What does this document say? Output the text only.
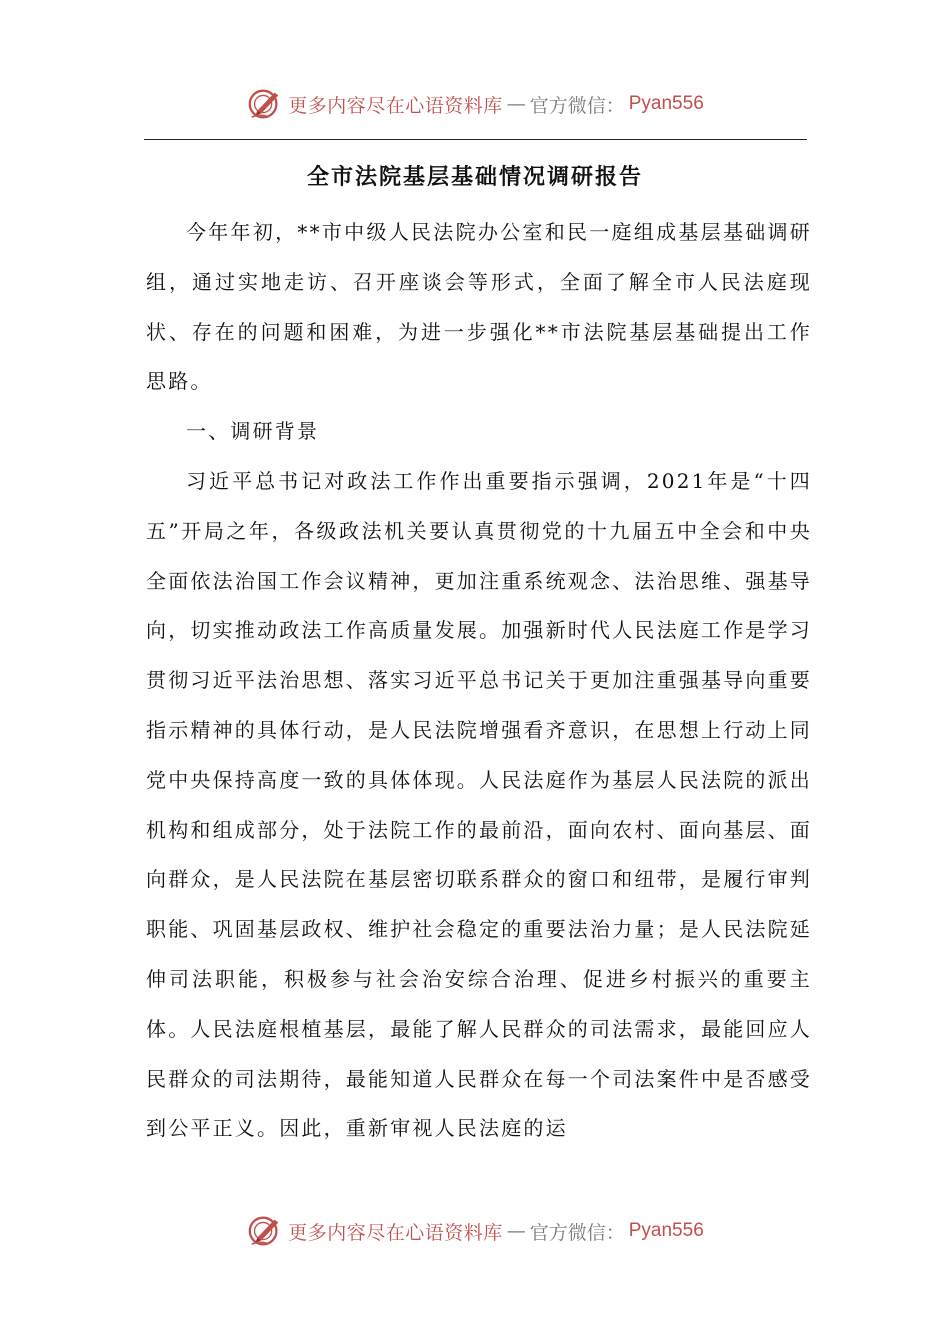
更多内容尽在心语资料库 — 官方微信： Pyan556
全市法院基层基础情况调研报告

今年年初，**市中级人民法院办公室和民一庭组成基层基础调研组，通过实地走访、召开座谈会等形式，全面了解全市人民法庭现状、存在的问题和困难，为进一步强化**市法院基层基础提出工作思路。

一、调研背景

习近平总书记对政法工作作出重要指示强调，2021年是“十四五”开局之年，各级政法机关要认真贯彻党的十九届五中全会和中央全面依法治国工作会议精神，更加注重系统观念、法治思维、强基导向，切实推动政法工作高质量发展。加强新时代人民法庭工作是学习贯彻习近平法治思想、落实习近平总书记关于更加注重强基导向重要指示精神的具体行动，是人民法院增强看齐意识，在思想上行动上同党中央保持高度一致的具体体现。人民法庭作为基层人民法院的派出机构和组成部分，处于法院工作的最前沿，面向农村、面向基层、面向群众，是人民法院在基层密切联系群众的窗口和纽带，是履行审判职能、巩固基层政权、维护社会稳定的重要法治力量；是人民法院延伸司法职能，积极参与社会治安综合治理、促进乡村振兴的重要主体。人民法庭根植基层，最能了解人民群众的司法需求，最能回应人民群众的司法期待，最能知道人民群众在每一个司法案件中是否感受到公平正义。因此，重新审视人民法庭的运

更多内容尽在心语资料库 — 官方微信： Pyan556
